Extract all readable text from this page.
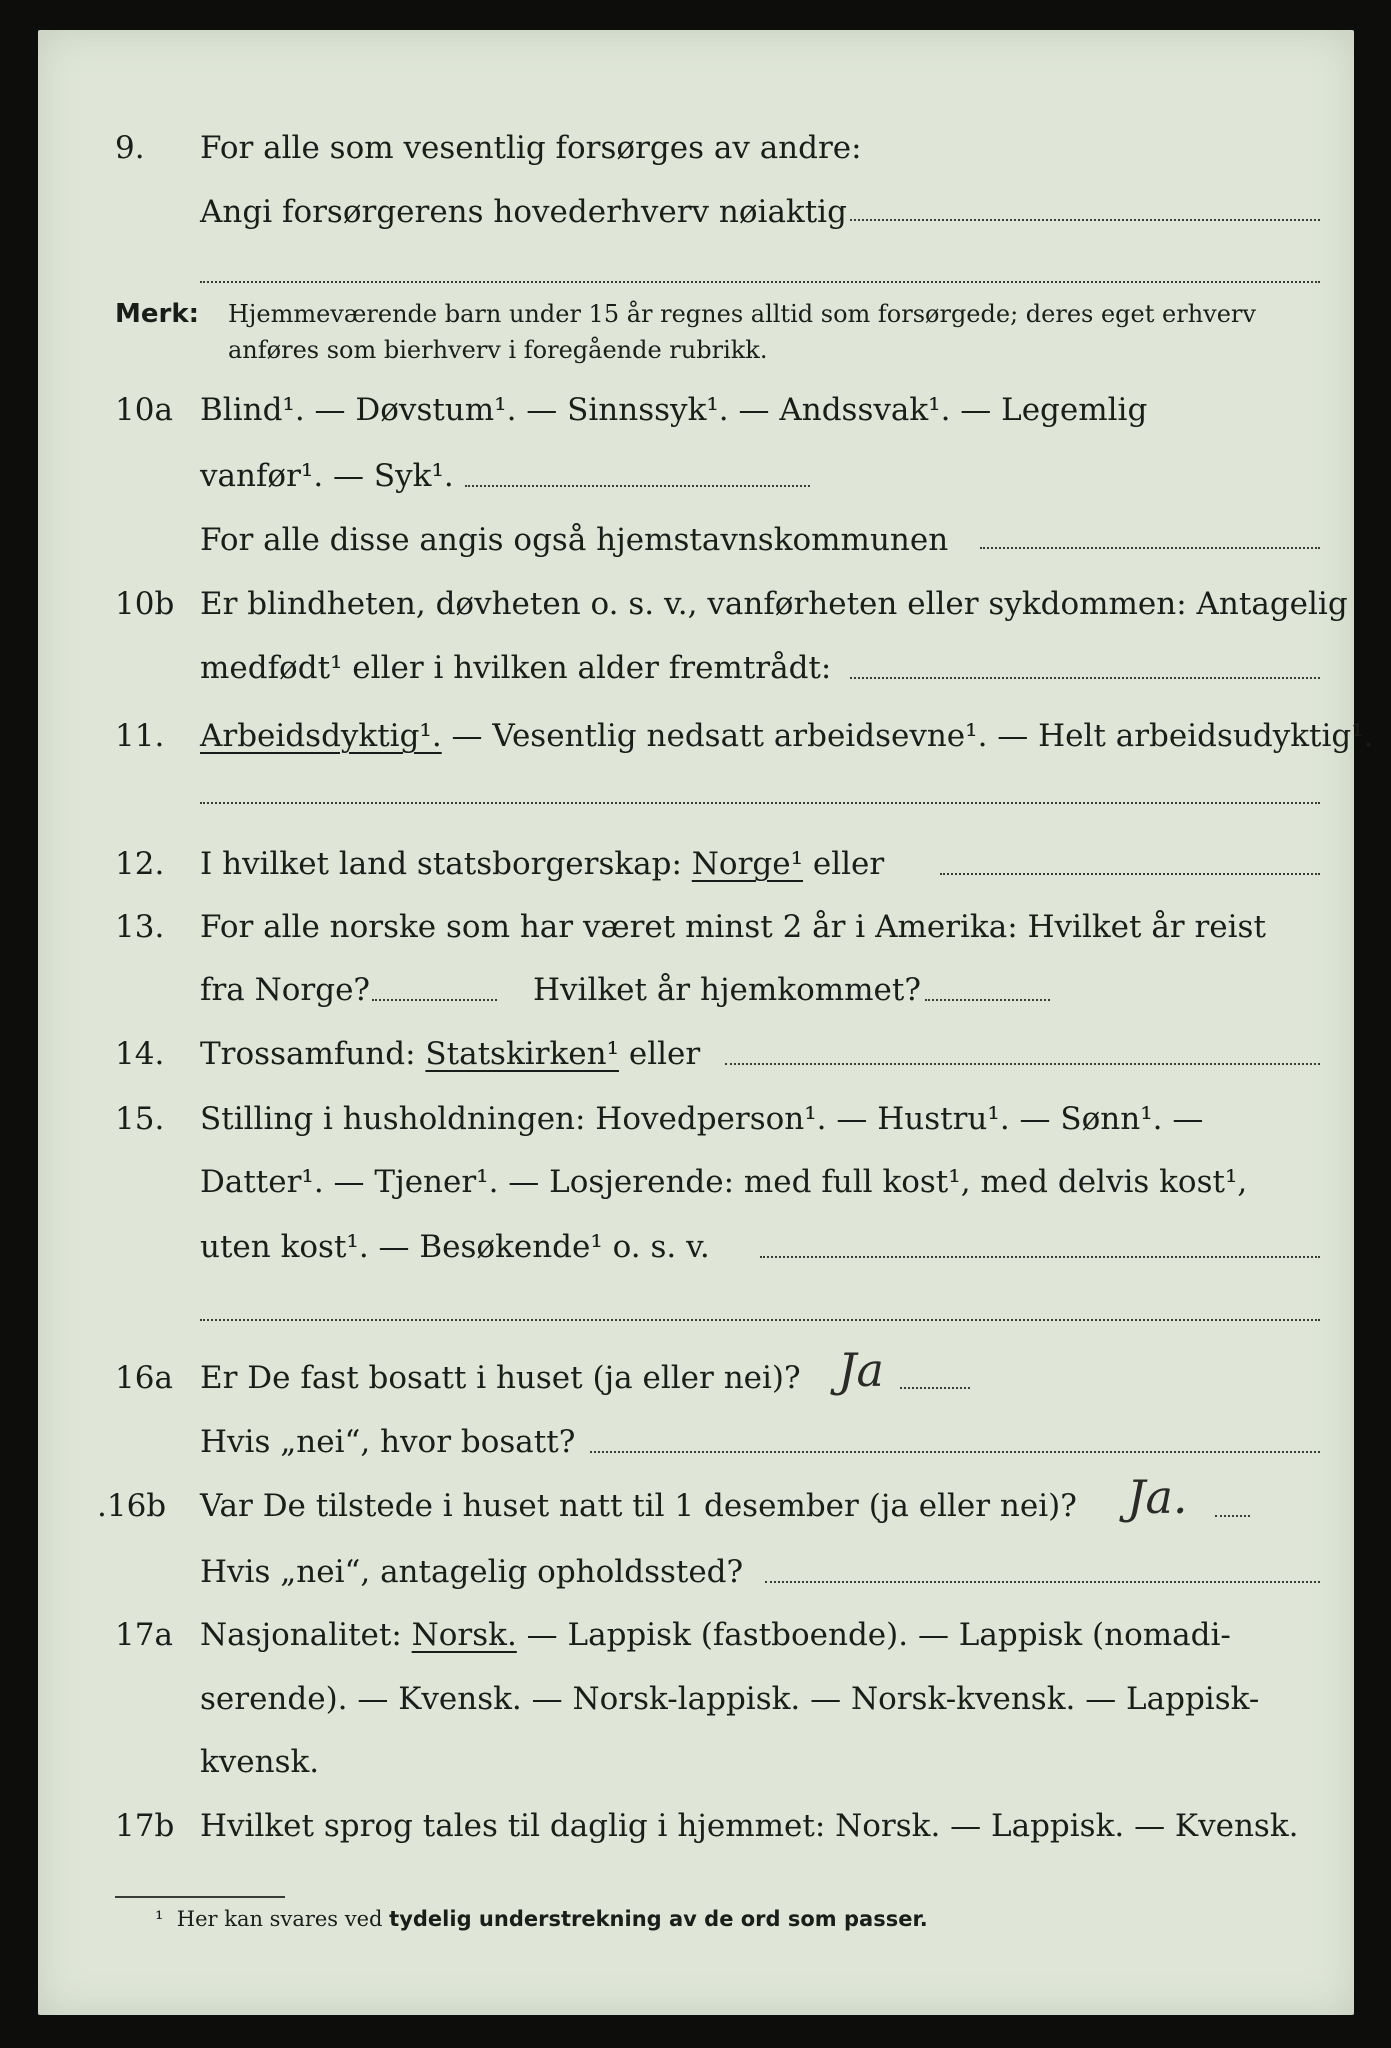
9.	For alle som vesentlig forsørges av andre:
Angi forsørgerens hovederhverv nøiaktig
Merk: Hjemmeværende barn under 15 år regnes alltid som forsørgede; deres eget erhverv
anføres som bierhverv i foregående rubrikk.
10a Blind¹. — Døvstum¹. — Sinnssyk¹. — Andssvak¹. — Legemlig
vanfør¹. — Syk¹.
For alle disse angis også hjemstavnskommunen
10b Er blindheten, døvheten o. s. v., vanførheten eller sykdommen: Antagelig
medfødt¹ eller i hvilken alder fremtrådt:
11.	Arbeidsdyktig¹. — Vesentlig nedsatt arbeidsevne¹. — Helt arbeidsudyktig¹.
12.	I hvilket land statsborgerskap: Norge¹ eller
13.	For alle norske som har været minst 2 år i Amerika: Hvilket år reist
fra Norge?	Hvilket år hjemkommet?
14.	Trossamfund: Statskirken¹ eller
15.	Stilling i husholdningen: Hovedperson¹. — Hustru¹. — Sønn¹. —
Datter¹. — Tjener¹. — Losjerende: med full kost¹, med delvis kost¹,
uten kost¹. — Besøkende¹ o. s. v.
16a Er De fast bosatt i huset (ja eller nei)? Ja
Hvis „nei“, hvor bosatt?
.16b	Var De tilstede i huset natt til 1 desember (ja eller nei)? Ja.
Hvis „nei“, antagelig opholdssted?
17a Nasjonalitet: Norsk. — Lappisk (fastboende). — Lappisk (nomadi-
serende). — Kvensk. — Norsk-lappisk. — Norsk-kvensk. — Lappisk-
kvensk.
17b Hvilket sprog tales til daglig i hjemmet: Norsk. — Lappisk. — Kvensk.
¹ Her kan svares ved tydelig understrekning av de ord som passer.
